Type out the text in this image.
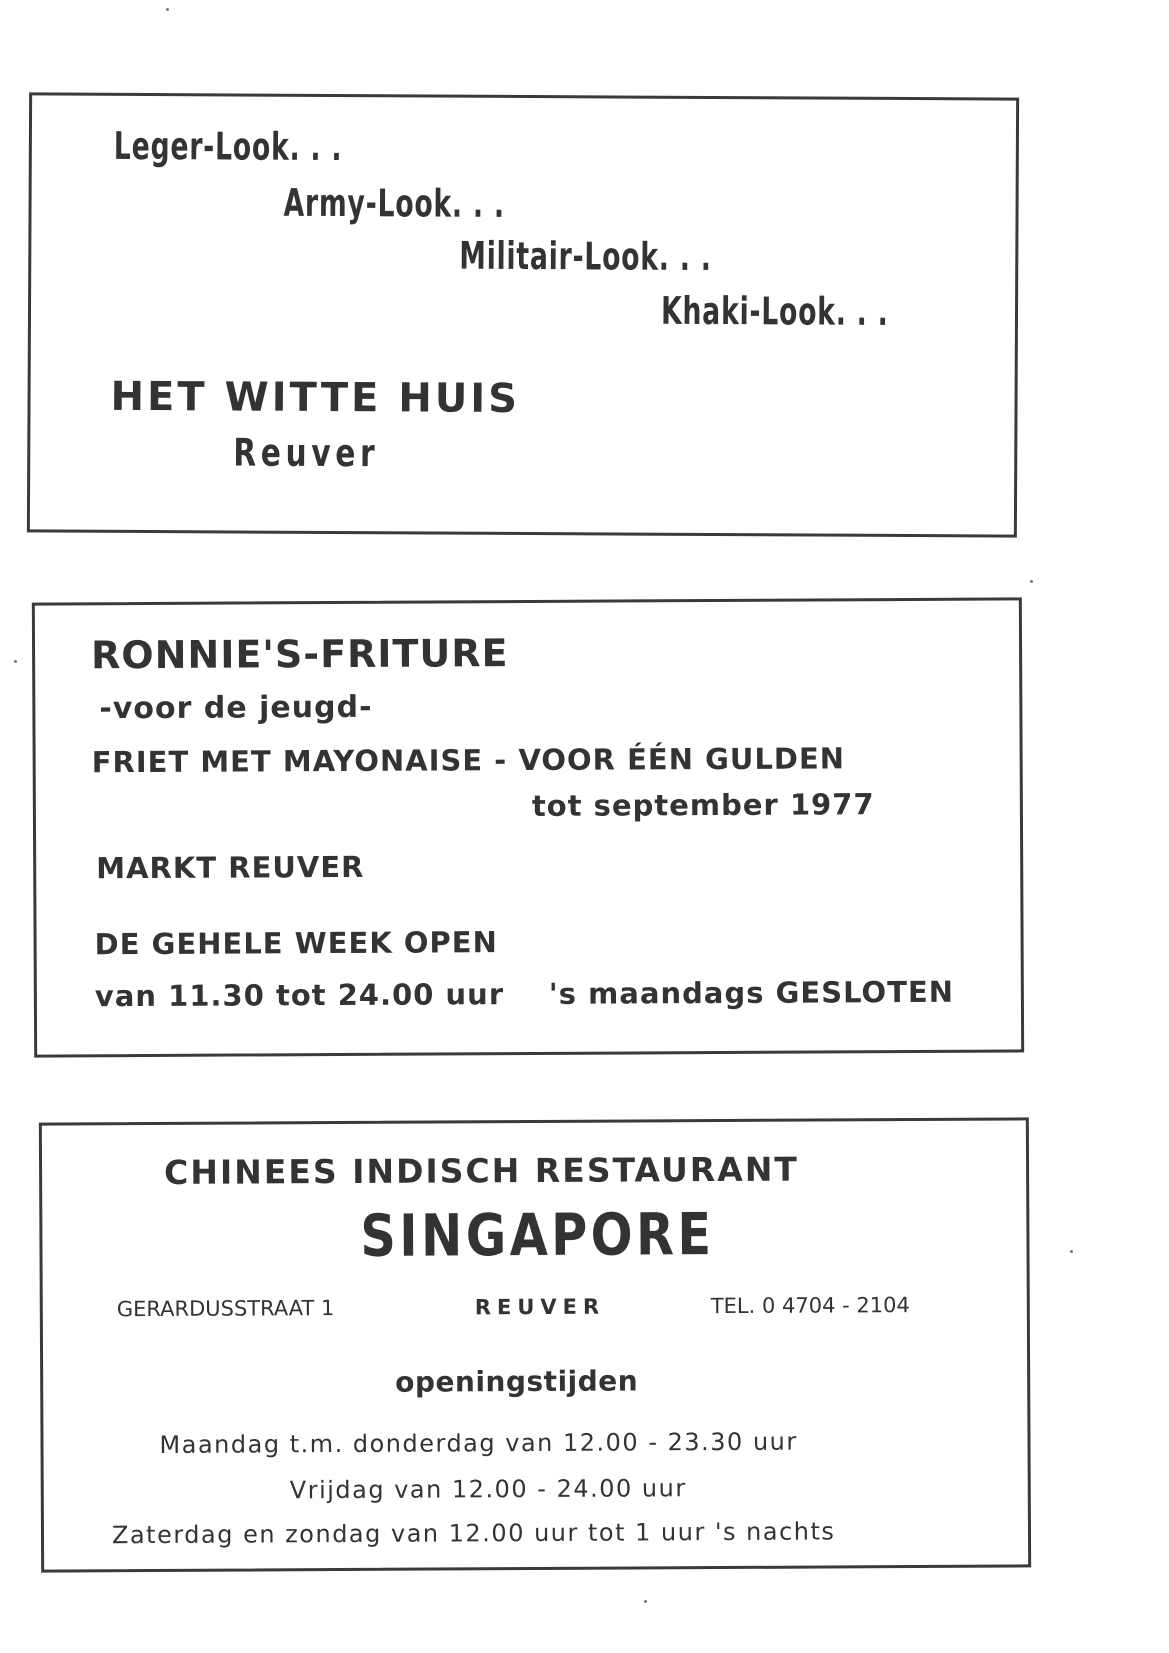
Leger-Look. . .

Army-Look. . .

Militair-Look. . .

Khaki-Look. . .

HET WITTE HUIS

Reuver

RONNIE'S-FRITURE

-voor de jeugd-

FRIET MET MAYONAISE - VOOR ÉÉN GULDEN

tot september 1977

MARKT REUVER

DE GEHELE WEEK OPEN

van 11.30 tot 24.00 uur 's maandags GESLOTEN

CHINEES INDISCH RESTAURANT

SINGAPORE

GERARDUSSTRAAT 1	REUVER	TEL. 0 4704 - 2104

openingstijden

Maandag t.m. donderdag van 12.00 - 23.30 uur

Vrijdag van 12.00 - 24.00 uur

Zaterdag en zondag van 12.00 uur tot 1 uur 's nachts
